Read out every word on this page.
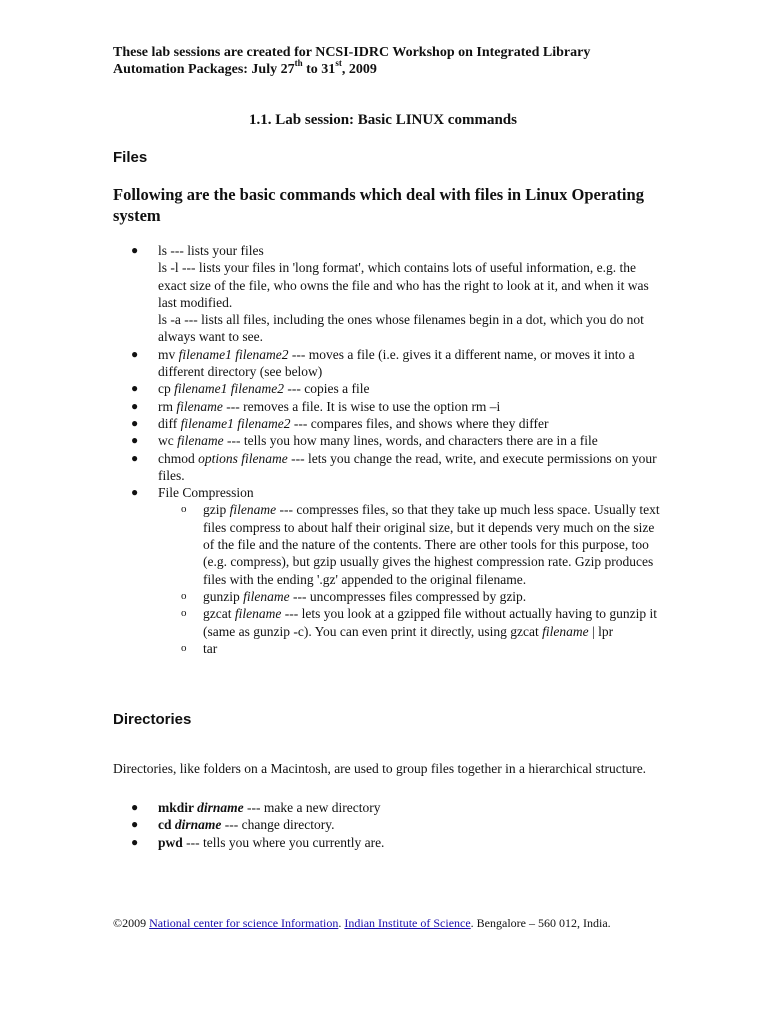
These lab sessions are created for NCSI-IDRC Workshop on Integrated Library
Automation Packages: July 27th to 31st, 2009

1.1. Lab session: Basic LINUX commands

Files

Following are the basic commands which deal with files in Linux Operating system

● ls --- lists your files
ls -l --- lists your files in 'long format', which contains lots of useful information, e.g. the exact size of the file, who owns the file and who has the right to look at it, and when it was last modified.
ls -a --- lists all files, including the ones whose filenames begin in a dot, which you do not always want to see.
● mv filename1 filename2 --- moves a file (i.e. gives it a different name, or moves it into a different directory (see below)
● cp filename1 filename2 --- copies a file
● rm filename --- removes a file. It is wise to use the option rm –i
● diff filename1 filename2 --- compares files, and shows where they differ
● wc filename --- tells you how many lines, words, and characters there are in a file
● chmod options filename --- lets you change the read, write, and execute permissions on your files.
● File Compression
o gzip filename --- compresses files, so that they take up much less space. Usually text files compress to about half their original size, but it depends very much on the size of the file and the nature of the contents. There are other tools for this purpose, too (e.g. compress), but gzip usually gives the highest compression rate. Gzip produces files with the ending '.gz' appended to the original filename.
o gunzip filename --- uncompresses files compressed by gzip.
o gzcat filename --- lets you look at a gzipped file without actually having to gunzip it (same as gunzip -c). You can even print it directly, using gzcat filename | lpr
o tar

Directories

Directories, like folders on a Macintosh, are used to group files together in a hierarchical structure.

● mkdir dirname --- make a new directory
● cd dirname --- change directory.
● pwd --- tells you where you currently are.
©2009 National center for science Information. Indian Institute of Science. Bengalore – 560 012, India.
